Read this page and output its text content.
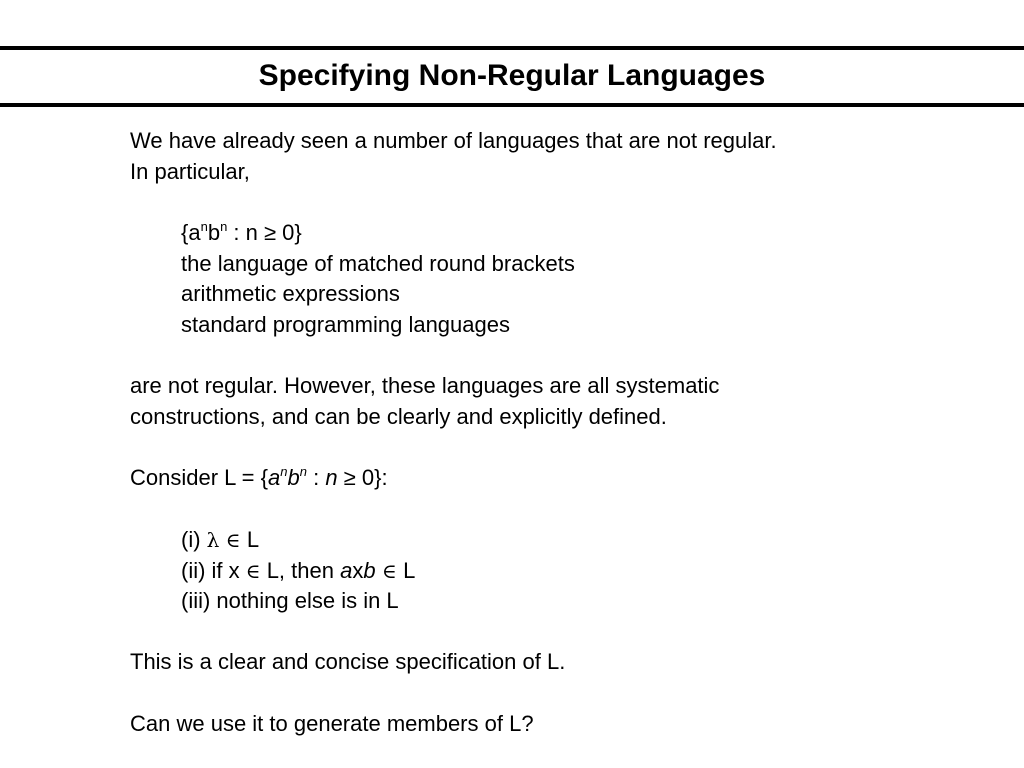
Specifying Non-Regular Languages
We have already seen a number of languages that are not regular.
In particular,
{$a^nb^n$ : n ≥ 0}
the language of matched round brackets
arithmetic expressions
standard programming languages
are not regular. However, these languages are all systematic
constructions, and can be clearly and explicitly defined.
Consider $L = \{a^nb^n$ : n ≥ 0}:
(i) λ ∈ L
(ii) if x ∈ L, then axb ∈ L
(iii) nothing else is in L
This is a clear and concise specification of L.
Can we use it to generate members of L?
